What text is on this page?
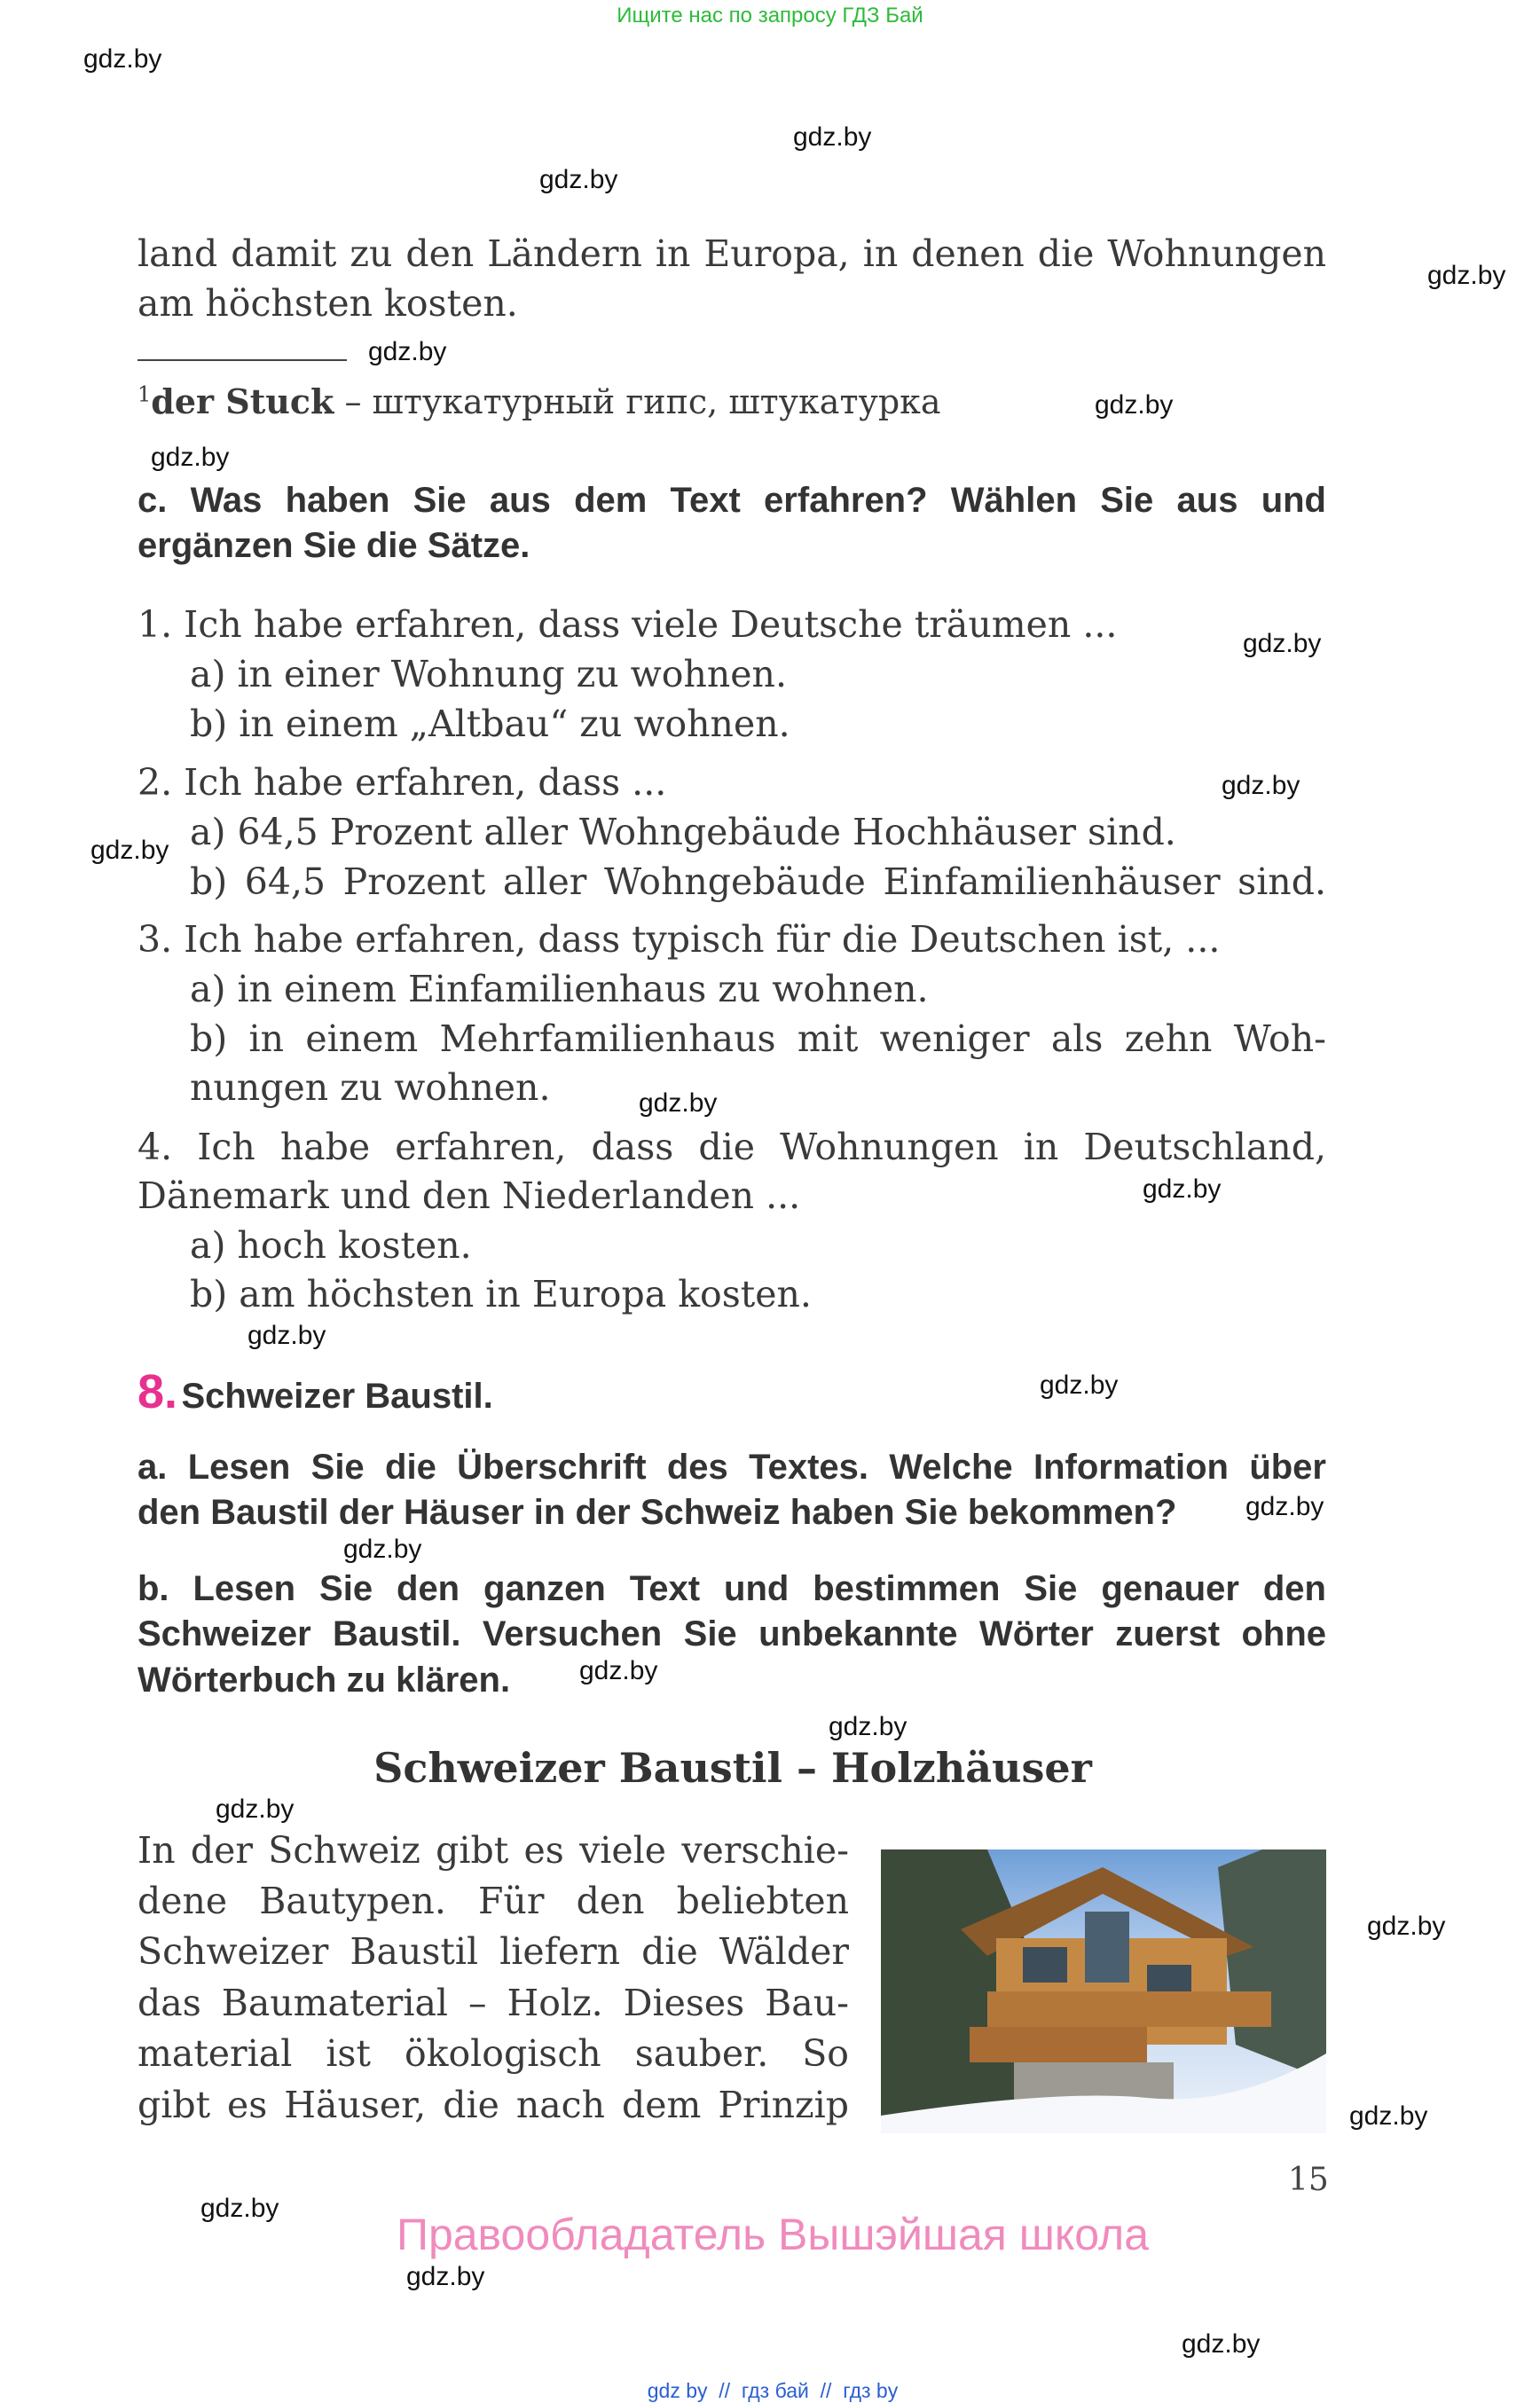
Ищите нас по запросу ГДЗ Бай
land damit zu den Ländern in Europa, in denen die Wohnungen
am höchsten kosten.
$^1$der Stuck – штукатурный гипс, штукатурка
c. Was haben Sie aus dem Text erfahren? Wählen Sie aus und
ergänzen Sie die Sätze.
1. Ich habe erfahren, dass viele Deutsche träumen ...
a) in einer Wohnung zu wohnen.
b) in einem „Altbau“ zu wohnen.
2. Ich habe erfahren, dass ...
a) 64,5 Prozent aller Wohngebäude Hochhäuser sind.
b) 64,5 Prozent aller Wohngebäude Einfamilienhäuser sind.
3. Ich habe erfahren, dass typisch für die Deutschen ist, ...
a) in einem Einfamilienhaus zu wohnen.
b) in einem Mehrfamilienhaus mit weniger als zehn Woh-
nungen zu wohnen.
4. Ich habe erfahren, dass die Wohnungen in Deutschland,
Dänemark und den Niederlanden ...
a) hoch kosten.
b) am höchsten in Europa kosten.
8. Schweizer Baustil.
a. Lesen Sie die Überschrift des Textes. Welche Information über
den Baustil der Häuser in der Schweiz haben Sie bekommen?
b. Lesen Sie den ganzen Text und bestimmen Sie genauer den
Schweizer Baustil. Versuchen Sie unbekannte Wörter zuerst ohne
Wörterbuch zu klären.
Schweizer Baustil – Holzhäuser
In der Schweiz gibt es viele verschie-
dene Bautypen. Für den beliebten
Schweizer Baustil liefern die Wälder
das Baumaterial – Holz. Dieses Bau-
material ist ökologisch sauber. So
gibt es Häuser, die nach dem Prinzip
15
Правообладатель Вышэйшая школа
gdz by  //  гдз бай  //  гдз by
gdz.by
gdz.by
gdz.by
gdz.by
gdz.by
gdz.by
gdz.by
gdz.by
gdz.by
gdz.by
gdz.by
gdz.by
gdz.by
gdz.by
gdz.by
gdz.by
gdz.by
gdz.by
gdz.by
gdz.by
gdz.by
gdz.by
gdz.by
gdz.by
